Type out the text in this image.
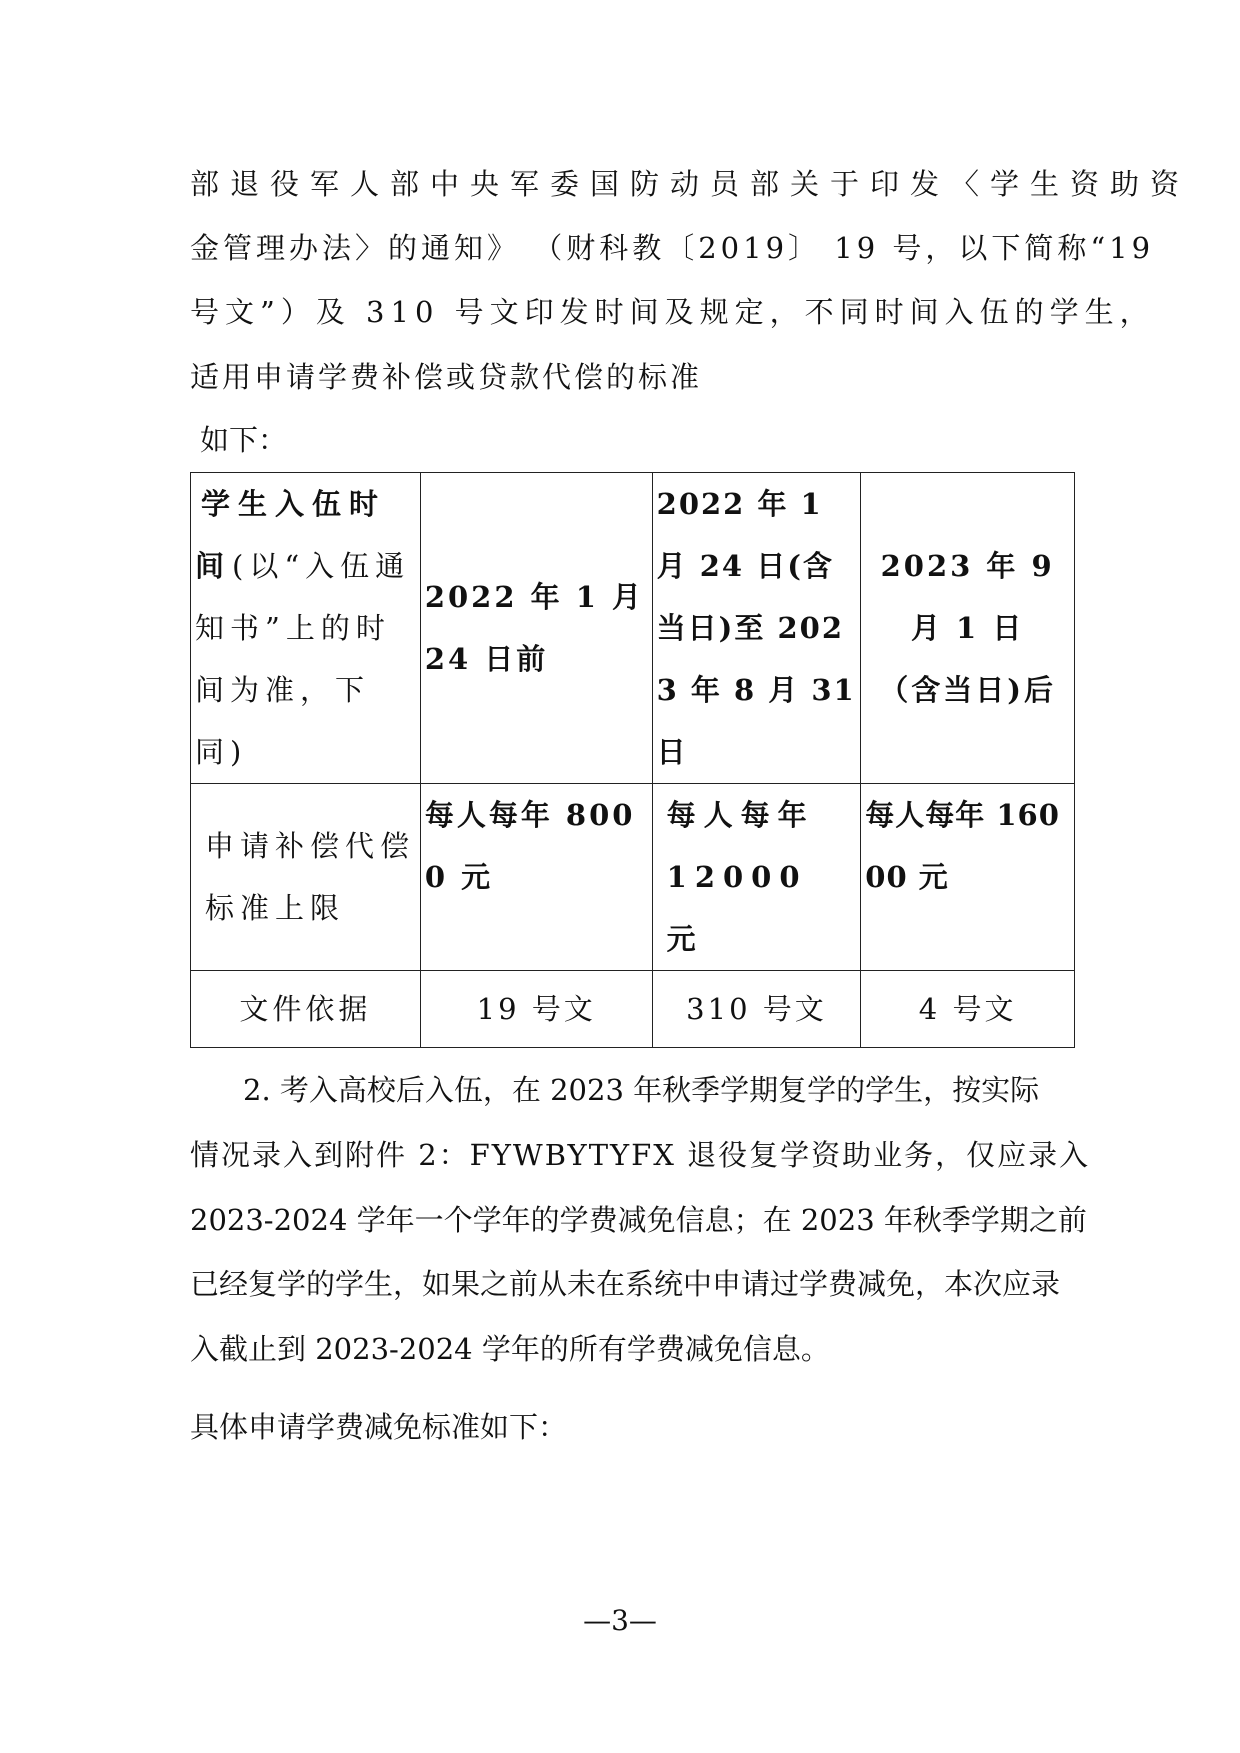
部退役军人部中央军委国防动员部关于印发〈学生资助资

金管理办法〉的通知》 （财科教〔2019〕 19 号，以下简称“19

号文”）及 310 号文印发时间及规定，不同时间入伍的学生，

适用申请学费补偿或贷款代偿的标准

如下：

学生入伍时间(以“入伍通知书”上的时间为准，下同)	2022 年 1 月 24 日前	2022 年 1 月 24 日(含当日)至 2023 年 8 月 31 日	2023 年 9 月 1 日 （含当日)后

申请补偿代偿标准上限	每人每年 8000 元	每人每年 12000 元	每人每年 16000 元

文件依据	19 号文	310 号文	4 号文

2. 考入高校后入伍，在 2023 年秋季学期复学的学生，按实际

情况录入到附件 2：FYWBYTYFX 退役复学资助业务，仅应录入

2023-2024 学年一个学年的学费减免信息；在 2023 年秋季学期之前

已经复学的学生，如果之前从未在系统中申请过学费减免，本次应录

入截止到 2023-2024 学年的所有学费减免信息。

具体申请学费减免标准如下：

—3—
